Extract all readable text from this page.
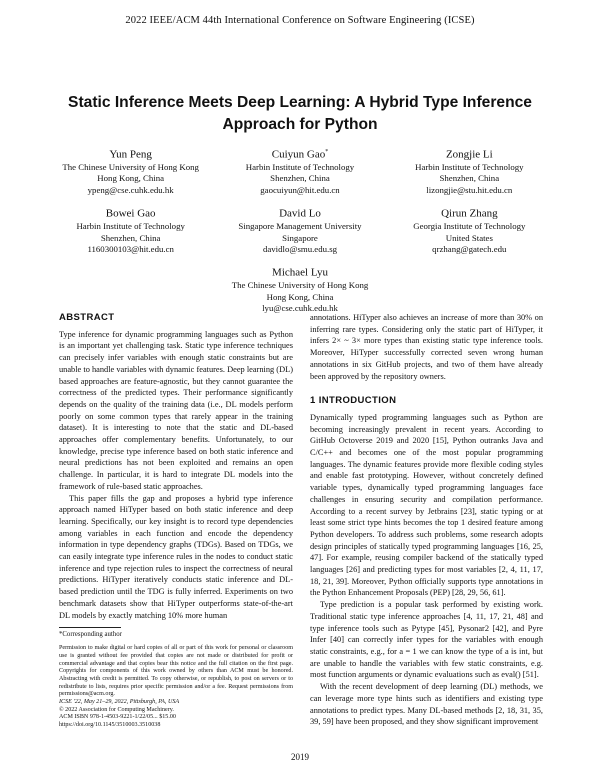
2022 IEEE/ACM 44th International Conference on Software Engineering (ICSE)
Static Inference Meets Deep Learning: A Hybrid Type Inference
Approach for Python
Yun Peng
The Chinese University of Hong Kong
Hong Kong, China
ypeng@cse.cuhk.edu.hk
Cuiyun Gao*
Harbin Institute of Technology
Shenzhen, China
gaocuiyun@hit.edu.cn
Zongjie Li
Harbin Institute of Technology
Shenzhen, China
lizongjie@stu.hit.edu.cn
Bowei Gao
Harbin Institute of Technology
Shenzhen, China
1160300103@hit.edu.cn
David Lo
Singapore Management University
Singapore
davidlo@smu.edu.sg
Qirun Zhang
Georgia Institute of Technology
United States
qrzhang@gatech.edu
Michael Lyu
The Chinese University of Hong Kong
Hong Kong, China
lyu@cse.cuhk.edu.hk
ABSTRACT

Type inference for dynamic programming languages such as Python is an important yet challenging task. Static type inference techniques can precisely infer variables with enough static constraints but are unable to handle variables with dynamic features. Deep learning (DL) based approaches are feature-agnostic, but they cannot guarantee the correctness of the predicted types. Their performance significantly depends on the quality of the training data (i.e., DL models perform poorly on some common types that rarely appear in the training dataset). It is interesting to note that the static and DL-based approaches offer complementary benefits. Unfortunately, to our knowledge, precise type inference based on both static inference and neural predictions has not been exploited and remains an open challenge. In particular, it is hard to integrate DL models into the framework of rule-based static approaches.

This paper fills the gap and proposes a hybrid type inference approach named HiTyper based on both static inference and deep learning. Specifically, our key insight is to record type dependencies among variables in each function and encode the dependency information in type dependency graphs (TDGs). Based on TDGs, we can easily integrate type inference rules in the nodes to conduct static inference and type rejection rules to inspect the correctness of neural predictions. HiTyper iteratively conducts static inference and DL-based prediction until the TDG is fully inferred. Experiments on two benchmark datasets show that HiTyper outperforms state-of-the-art DL models by exactly matching 10% more human

*Corresponding author
Permission to make digital or hard copies of all or part of this work for personal or classroom use is granted without fee provided that copies are not made or distributed for profit or commercial advantage and that copies bear this notice and the full citation on the first page. Copyrights for components of this work owned by others than ACM must be honored. Abstracting with credit is permitted. To copy otherwise, or republish, to post on servers or to redistribute to lists, requires prior specific permission and/or a fee. Request permissions from permissions@acm.org.
ICSE '22, May 21–29, 2022, Pittsburgh, PA, USA
© 2022 Association for Computing Machinery.
ACM ISBN 978-1-4503-9221-1/22/05... $15.00
https://doi.org/10.1145/3510003.3510038

annotations. HiTyper also achieves an increase of more than 30% on inferring rare types. Considering only the static part of HiTyper, it infers 2× ~ 3× more types than existing static type inference tools. Moreover, HiTyper successfully corrected seven wrong human annotations in six GitHub projects, and two of them have already been approved by the repository owners.

1 INTRODUCTION

Dynamically typed programming languages such as Python are becoming increasingly prevalent in recent years. According to GitHub Octoverse 2019 and 2020 [15], Python outranks Java and C/C++ and becomes one of the most popular programming languages. The dynamic features provide more flexible coding styles and enable fast prototyping. However, without concretely defined variable types, dynamically typed programming languages face challenges in ensuring security and compilation performance. According to a recent survey by Jetbrains [23], static typing or at least some strict type hints becomes the top 1 desired feature among Python developers. To address such problems, some research adopts design principles of statically typed programming languages [16, 25, 47]. For example, reusing compiler backend of the statically typed languages [26] and predicting types for most variables [2, 4, 11, 17, 18, 21, 39]. Moreover, Python officially supports type annotations in the Python Enhancement Proposals (PEP) [28, 29, 56, 61].

Type prediction is a popular task performed by existing work. Traditional static type inference approaches [4, 11, 17, 21, 48] and type inference tools such as Pytype [45], Pysonar2 [42], and Pyre Infer [40] can correctly infer types for the variables with enough static constraints, e.g., for a = 1 we can know the type of a is int, but are unable to handle the variables with few static constraints, e.g. most function arguments or dynamic evaluations such as eval() [51].

With the recent development of deep learning (DL) methods, we can leverage more type hints such as identifiers and existing type annotations to predict types. Many DL-based methods [2, 18, 31, 35, 39, 59] have been proposed, and they show significant improvement

2019
